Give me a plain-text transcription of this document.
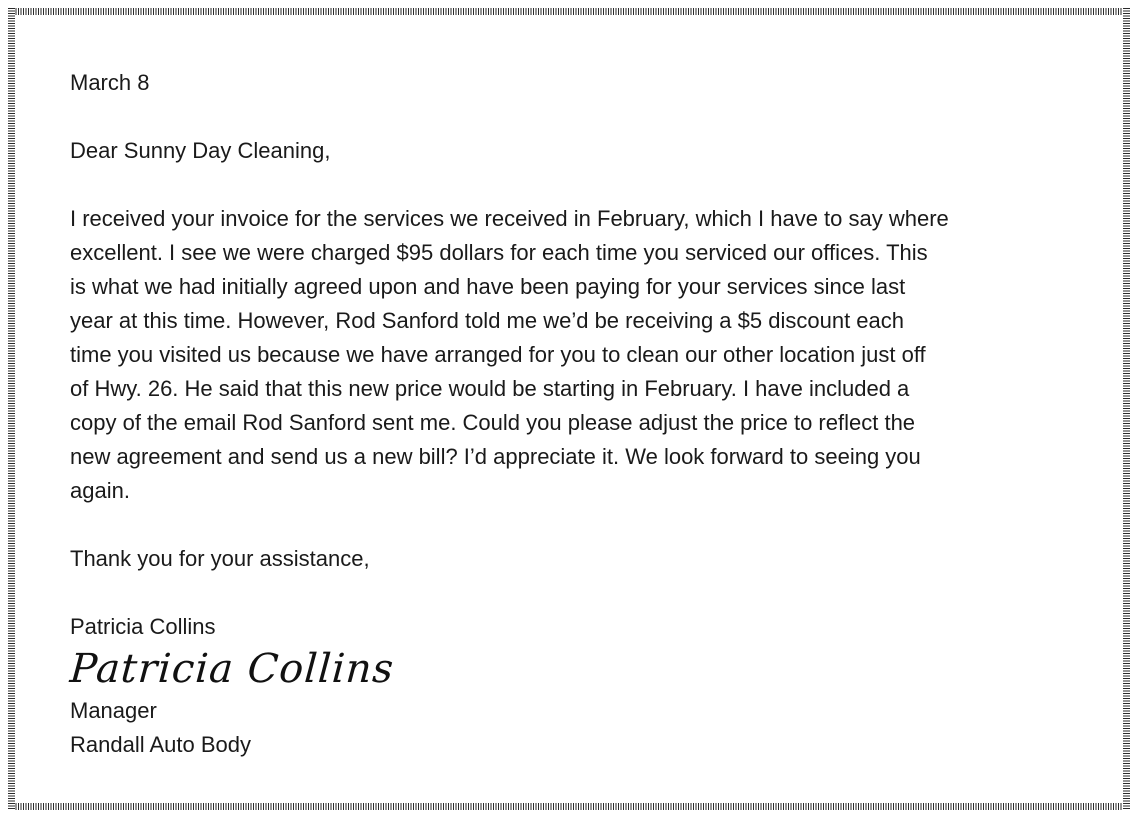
March 8
Dear Sunny Day Cleaning,
I received your invoice for the services we received in February, which I have to say where
excellent. I see we were charged $95 dollars for each time you serviced our offices. This
is what we had initially agreed upon and have been paying for your services since last
year at this time. However, Rod Sanford told me we’d be receiving a $5 discount each
time you visited us because we have arranged for you to clean our other location just off
of Hwy. 26. He said that this new price would be starting in February. I have included a
copy of the email Rod Sanford sent me. Could you please adjust the price to reflect the
new agreement and send us a new bill? I’d appreciate it. We look forward to seeing you
again.
Thank you for your assistance,
Patricia Collins
Patricia Collins
Manager
Randall Auto Body
